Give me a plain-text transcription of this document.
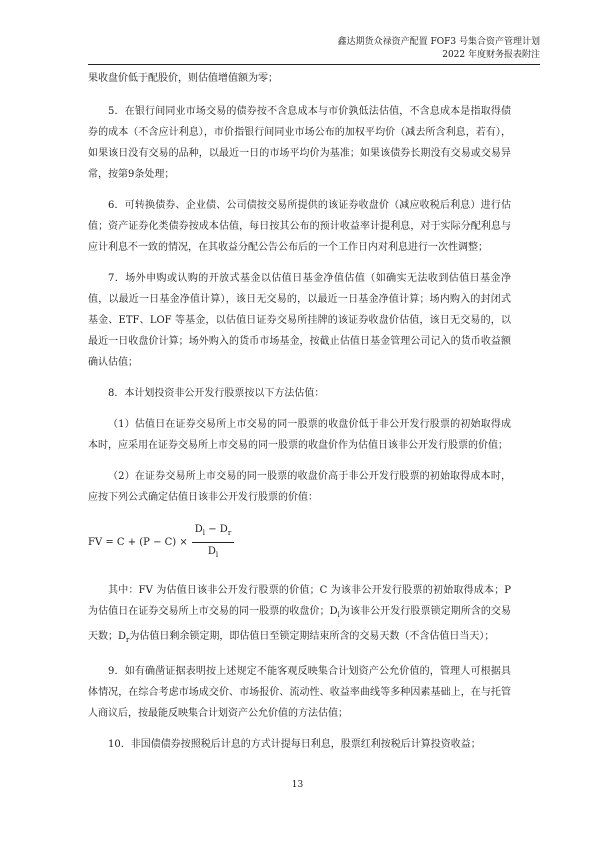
鑫达期货众禄资产配置 FOF3 号集合资产管理计划
2022 年度财务报表附注

果收盘价低于配股价，则估值增值额为零；

5．在银行间同业市场交易的债券按不含息成本与市价孰低法估值，不含息成本是指取得债券的成本（不含应计利息），市价指银行间同业市场公布的加权平均价（减去所含利息，若有），如果该日没有交易的品种，以最近一日的市场平均价为基准；如果该债券长期没有交易或交易异常，按第9条处理；

6．可转换债券、企业债、公司债按交易所提供的该证券收盘价（减应收税后利息）进行估值；资产证券化类债券按成本估值，每日按其公布的预计收益率计提利息，对于实际分配利息与应计利息不一致的情况，在其收益分配公告公布后的一个工作日内对利息进行一次性调整；

7．场外申购或认购的开放式基金以估值日基金净值估值（如确实无法收到估值日基金净值，以最近一日基金净值计算），该日无交易的，以最近一日基金净值计算；场内购入的封闭式基金、ETF、LOF 等基金，以估值日证券交易所挂牌的该证券收盘价估值，该日无交易的，以最近一日收盘价计算；场外购入的货币市场基金，按截止估值日基金管理公司记入的货币收益额确认估值；

8．本计划投资非公开发行股票按以下方法估值：

（1）估值日在证券交易所上市交易的同一股票的收盘价低于非公开发行股票的初始取得成本时，应采用在证券交易所上市交易的同一股票的收盘价作为估值日该非公开发行股票的价值；

（2）在证券交易所上市交易的同一股票的收盘价高于非公开发行股票的初始取得成本时，应按下列公式确定估值日该非公开发行股票的价值：

FV = $C + (P - C) \times \frac{D_l - D_r}{D_l}$

其中：FV 为估值日该非公开发行股票的价值；C 为该非公开发行股票的初始取得成本；P 为估值日在证券交易所上市交易的同一股票的收盘价；$D_l$为该非公开发行股票锁定期所含的交易天数；$D_r$为估值日剩余锁定期，即估值日至锁定期结束所含的交易天数（不含估值日当天）；

9．如有确凿证据表明按上述规定不能客观反映集合计划资产公允价值的，管理人可根据具体情况，在综合考虑市场成交价、市场报价、流动性、收益率曲线等多种因素基础上，在与托管人商议后，按最能反映集合计划资产公允价值的方法估值；

10．非国债债券按照税后计息的方式计提每日利息，股票红利按税后计算投资收益；

13
